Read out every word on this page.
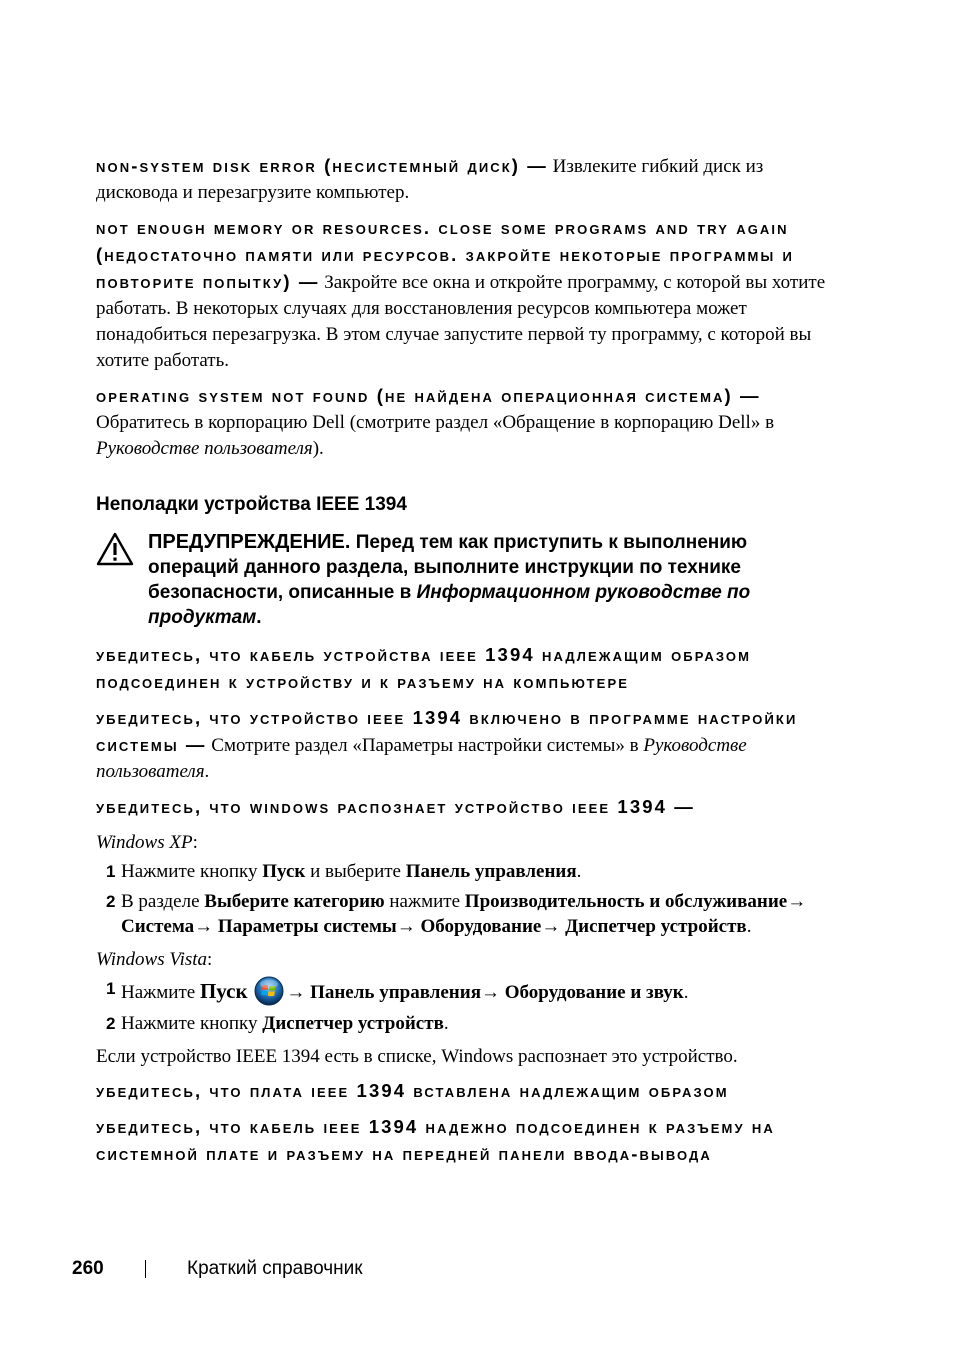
non-system disk error (несистемный диск) — Извлеките гибкий диск из дисковода и перезагрузите компьютер.
not enough memory or resources. close some programs and try again (недостаточно памяти или ресурсов. закройте некоторые программы и повторите попытку) — Закройте все окна и откройте программу, с которой вы хотите работать. В некоторых случаях для восстановления ресурсов компьютера может понадобиться перезагрузка. В этом случае запустите первой ту программу, с которой вы хотите работать.
operating system not found (не найдена операционная система) — Обратитесь в корпорацию Dell (смотрите раздел «Обращение в корпорацию Dell» в Руководстве пользователя).
Неполадки устройства IEEE 1394
ПРЕДУПРЕЖДЕНИЕ. Перед тем как приступить к выполнению операций данного раздела, выполните инструкции по технике безопасности, описанные в Информационном руководстве по продуктам.
убедитесь, что кабель устройства ieee 1394 надлежащим образом подсоединен к устройству и к разъему на компьютере
убедитесь, что устройство ieee 1394 включено в программе настройки системы — Смотрите раздел «Параметры настройки системы» в Руководстве пользователя.
убедитесь, что windows распознает устройство ieee 1394 —

Windows XP:

1 Нажмите кнопку Пуск и выберите Панель управления.
2 В разделе Выберите категорию нажмите Производительность и обслуживание→ Система→ Параметры системы→ Оборудование→ Диспетчер устройств.

Windows Vista:

1 Нажмите Пуск → Панель управления→ Оборудование и звук.
2 Нажмите кнопку Диспетчер устройств.

Если устройство IEEE 1394 есть в списке, Windows распознает это устройство.

убедитесь, что плата ieee 1394 вставлена надлежащим образом
убедитесь, что кабель ieee 1394 надежно подсоединен к разъему на системной плате и разъему на передней панели ввода-вывода
260	Краткий справочник
